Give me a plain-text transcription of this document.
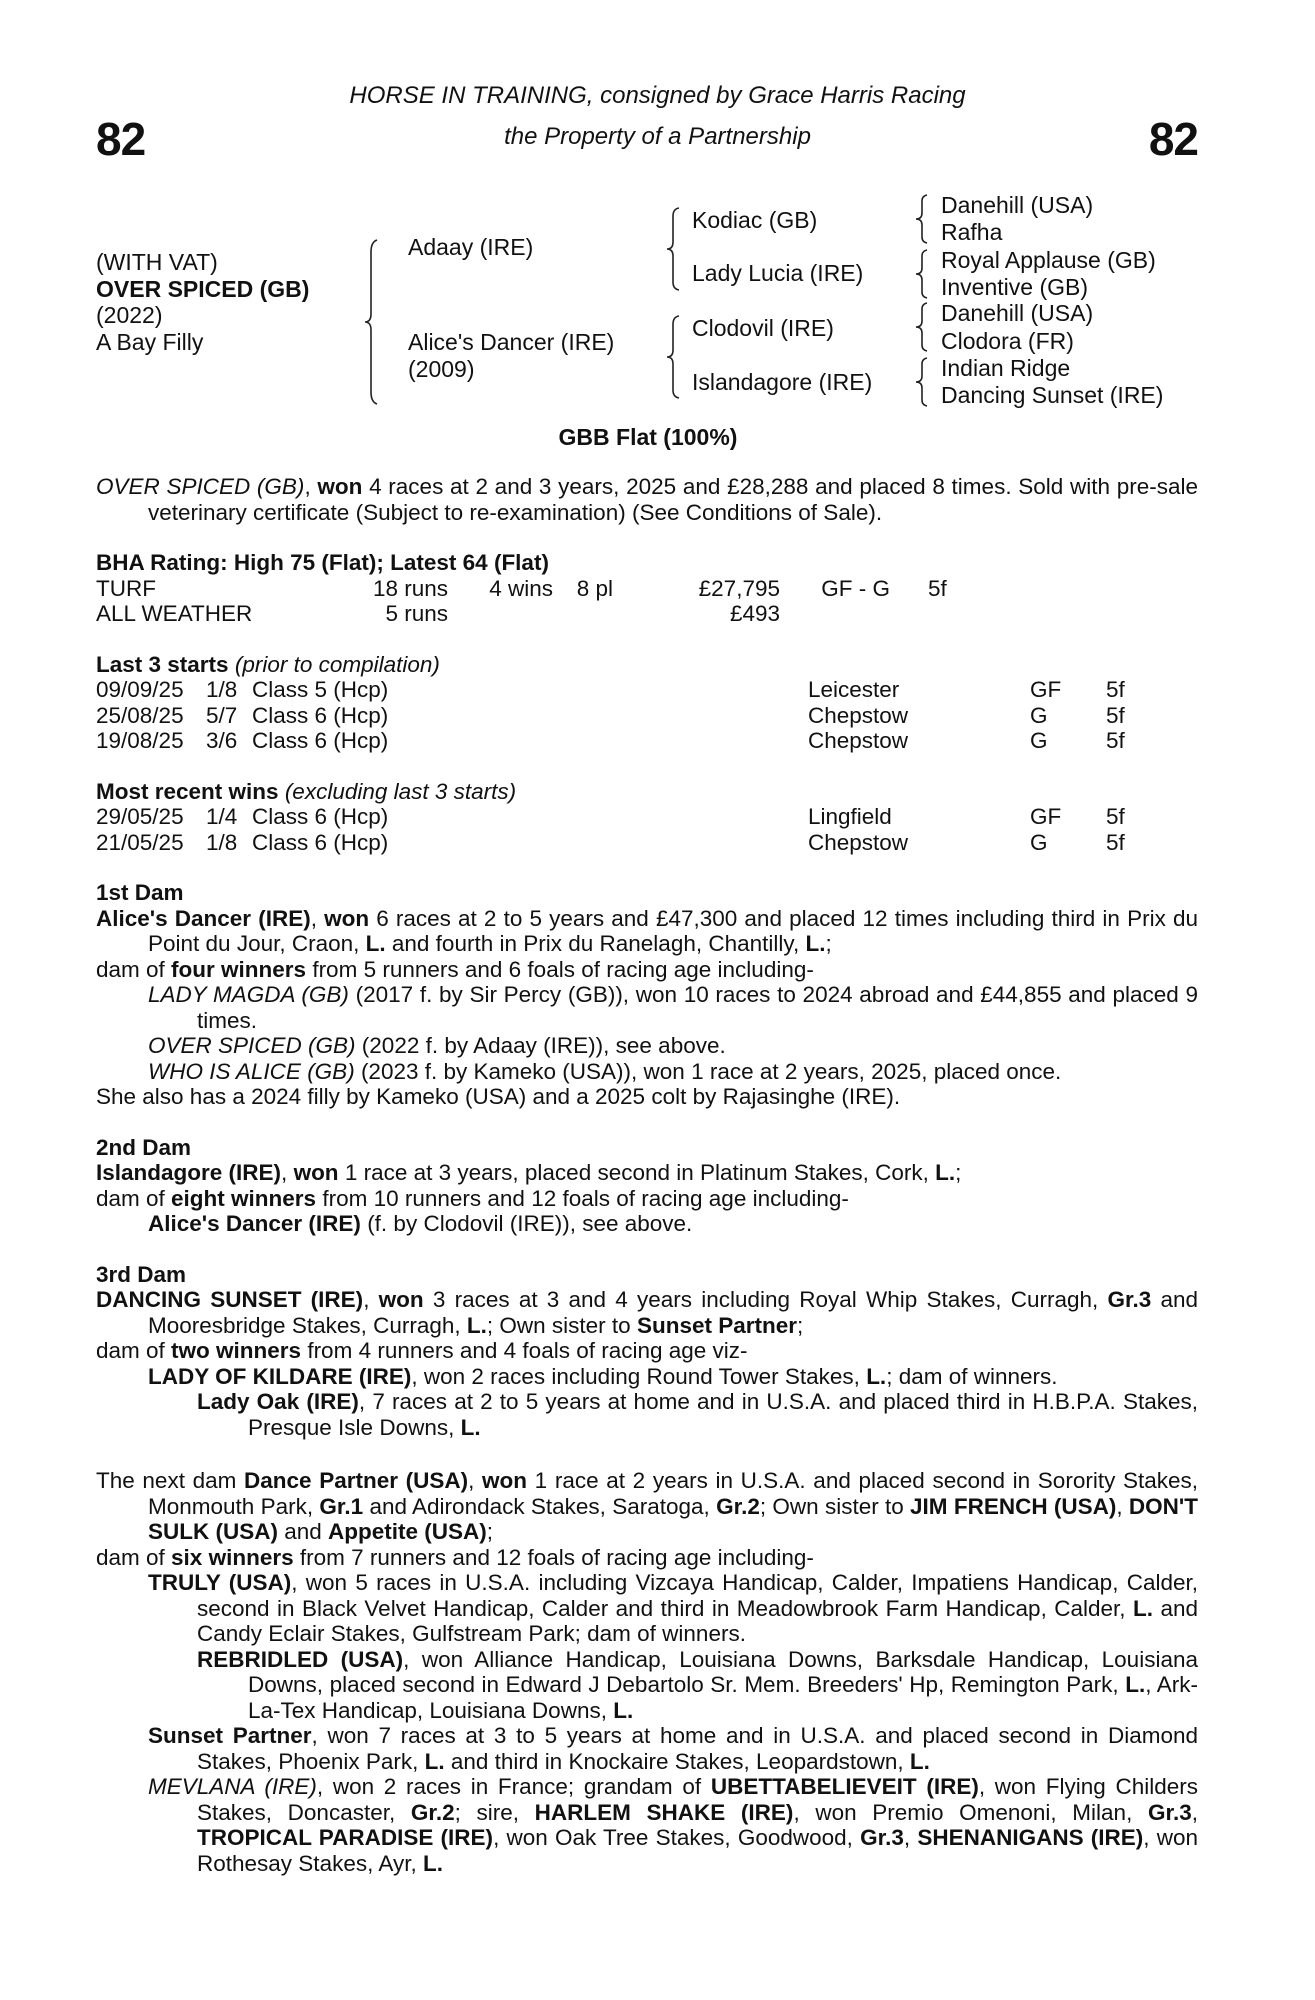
82	82
HORSE IN TRAINING, consigned by Grace Harris Racing
the Property of a Partnership
(WITH VAT)
OVER SPICED (GB)
(2022)
A Bay Filly
Adaay (IRE)
Alice's Dancer (IRE)
(2009)
Kodiac (GB)
Lady Lucia (IRE)
Clodovil (IRE)
Islandagore (IRE)
Danehill (USA)
Rafha
Royal Applause (GB)
Inventive (GB)
Danehill (USA)
Clodora (FR)
Indian Ridge
Dancing Sunset (IRE)
GBB Flat (100%)

OVER SPICED (GB), won 4 races at 2 and 3 years, 2025 and £28,288 and placed 8 times. Sold with pre-sale veterinary certificate (Subject to re-examination) (See Conditions of Sale).

BHA Rating: High 75 (Flat); Latest 64 (Flat)
TURF	18 runs	4 wins	8 pl	£27,795	GF - G	5f
ALL WEATHER	5 runs			£493		
Last 3 starts (prior to compilation)
09/09/25	1/8	Class 5 (Hcp)	Leicester	GF	5f
25/08/25	5/7	Class 6 (Hcp)	Chepstow	G	5f
19/08/25	3/6	Class 6 (Hcp)	Chepstow	G	5f
Most recent wins (excluding last 3 starts)
29/05/25	1/4	Class 6 (Hcp)	Lingfield	GF	5f
21/05/25	1/8	Class 6 (Hcp)	Chepstow	G	5f
1st Dam

Alice's Dancer (IRE), won 6 races at 2 to 5 years and £47,300 and placed 12 times including third in Prix du Point du Jour, Craon, L. and fourth in Prix du Ranelagh, Chantilly, L.;

dam of four winners from 5 runners and 6 foals of racing age including-

LADY MAGDA (GB) (2017 f. by Sir Percy (GB)), won 10 races to 2024 abroad and £44,855 and placed 9 times.

OVER SPICED (GB) (2022 f. by Adaay (IRE)), see above.

WHO IS ALICE (GB) (2023 f. by Kameko (USA)), won 1 race at 2 years, 2025, placed once.

She also has a 2024 filly by Kameko (USA) and a 2025 colt by Rajasinghe (IRE).

2nd Dam

Islandagore (IRE), won 1 race at 3 years, placed second in Platinum Stakes, Cork, L.;

dam of eight winners from 10 runners and 12 foals of racing age including-

Alice's Dancer (IRE) (f. by Clodovil (IRE)), see above.

3rd Dam

DANCING SUNSET (IRE), won 3 races at 3 and 4 years including Royal Whip Stakes, Curragh, Gr.3 and Mooresbridge Stakes, Curragh, L.; Own sister to Sunset Partner;

dam of two winners from 4 runners and 4 foals of racing age viz-

LADY OF KILDARE (IRE), won 2 races including Round Tower Stakes, L.; dam of winners.

Lady Oak (IRE), 7 races at 2 to 5 years at home and in U.S.A. and placed third in H.B.P.A. Stakes, Presque Isle Downs, L.

The next dam Dance Partner (USA), won 1 race at 2 years in U.S.A. and placed second in Sorority Stakes, Monmouth Park, Gr.1 and Adirondack Stakes, Saratoga, Gr.2; Own sister to JIM FRENCH (USA), DON'T SULK (USA) and Appetite (USA);

dam of six winners from 7 runners and 12 foals of racing age including-

TRULY (USA), won 5 races in U.S.A. including Vizcaya Handicap, Calder, Impatiens Handicap, Calder, second in Black Velvet Handicap, Calder and third in Meadowbrook Farm Handicap, Calder, L. and Candy Eclair Stakes, Gulfstream Park; dam of winners.

REBRIDLED (USA), won Alliance Handicap, Louisiana Downs, Barksdale Handicap, Louisiana Downs, placed second in Edward J Debartolo Sr. Mem. Breeders' Hp, Remington Park, L., Ark-La-Tex Handicap, Louisiana Downs, L.

Sunset Partner, won 7 races at 3 to 5 years at home and in U.S.A. and placed second in Diamond Stakes, Phoenix Park, L. and third in Knockaire Stakes, Leopardstown, L.

MEVLANA (IRE), won 2 races in France; grandam of UBETTABELIEVEIT (IRE), won Flying Childers Stakes, Doncaster, Gr.2; sire, HARLEM SHAKE (IRE), won Premio Omenoni, Milan, Gr.3, TROPICAL PARADISE (IRE), won Oak Tree Stakes, Goodwood, Gr.3, SHENANIGANS (IRE), won Rothesay Stakes, Ayr, L.
